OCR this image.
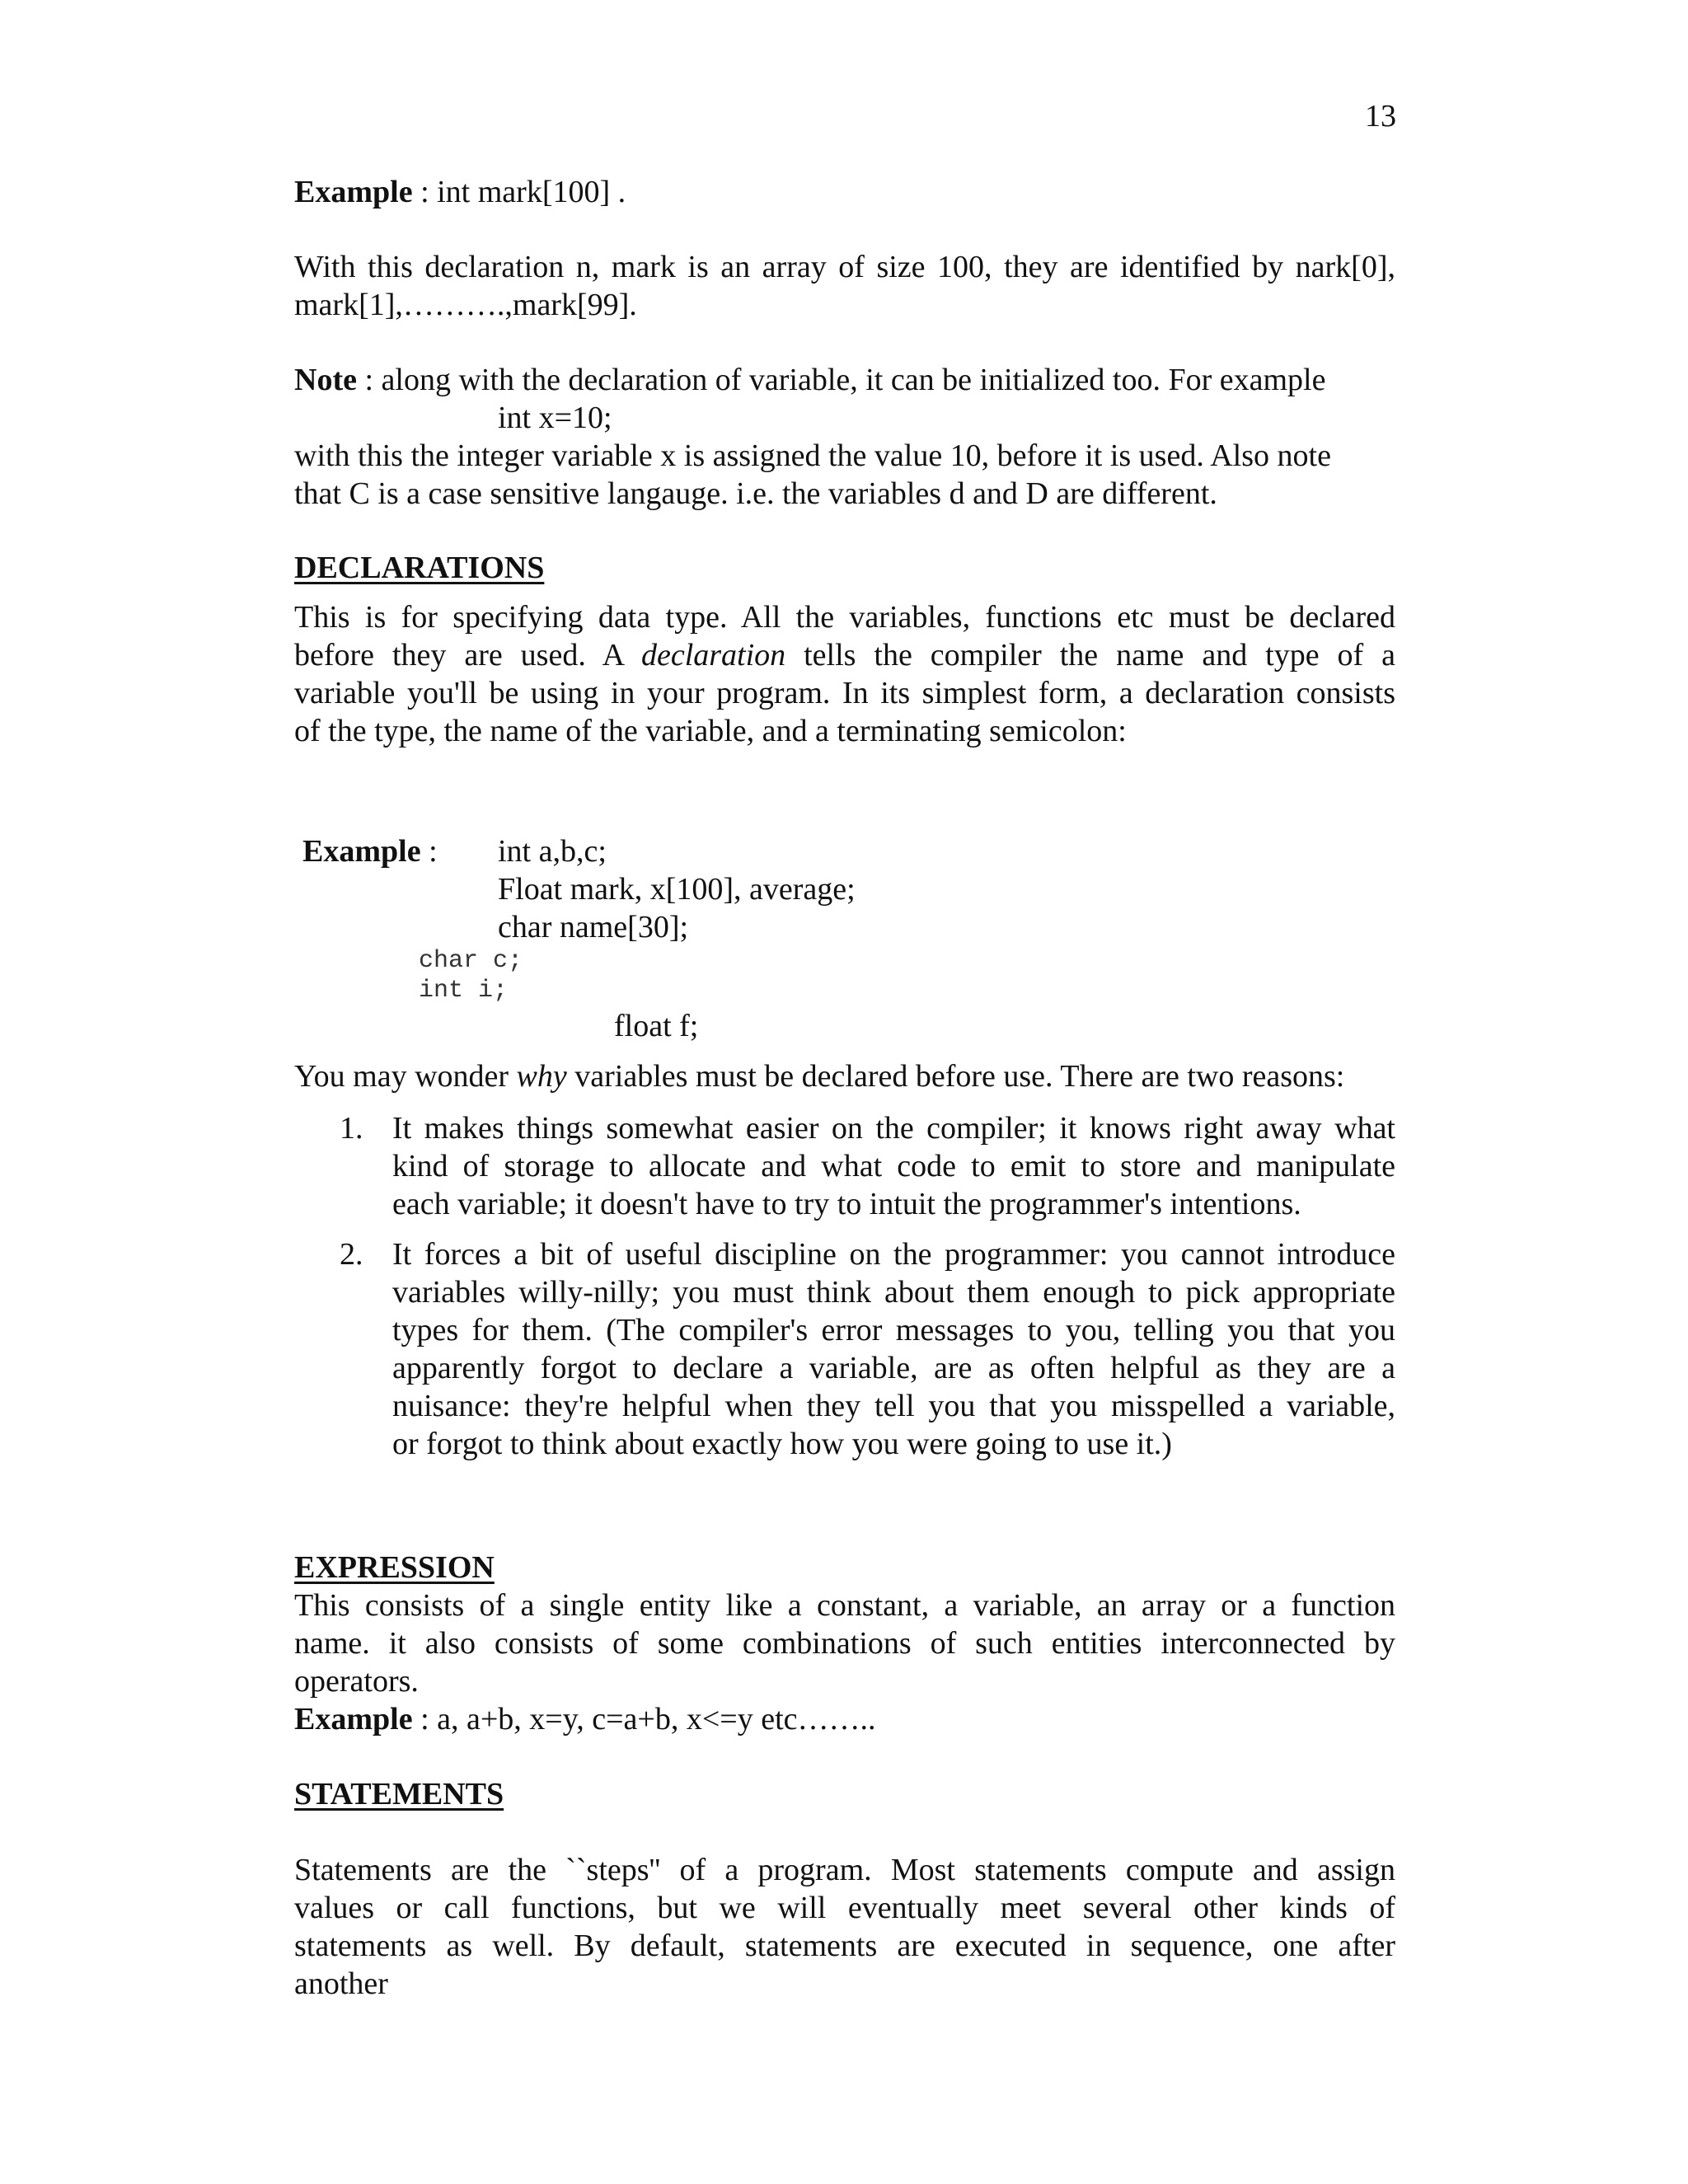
13
Example : int mark[100] .
With this declaration n, mark is an array of size 100, they are identified by nark[0],
mark[1],……….,mark[99].
Note : along with the declaration of variable, it can be initialized too. For example
int x=10;
with this the integer variable x is assigned the value 10, before it is used. Also note
that C is a case sensitive langauge. i.e. the variables d and D are different.
DECLARATIONS
This is for specifying data type. All the variables, functions etc must be declared
before they are used. A declaration tells the compiler the name and type of a
variable you'll be using in your program. In its simplest form, a declaration consists
of the type, the name of the variable, and a terminating semicolon:
Example : int a,b,c;
Float mark, x[100], average;
char name[30];
char c;
int i;
float f;
You may wonder why variables must be declared before use. There are two reasons:
1. It makes things somewhat easier on the compiler; it knows right away what
kind of storage to allocate and what code to emit to store and manipulate
each variable; it doesn't have to try to intuit the programmer's intentions.
2. It forces a bit of useful discipline on the programmer: you cannot introduce
variables willy-nilly; you must think about them enough to pick appropriate
types for them. (The compiler's error messages to you, telling you that you
apparently forgot to declare a variable, are as often helpful as they are a
nuisance: they're helpful when they tell you that you misspelled a variable,
or forgot to think about exactly how you were going to use it.)
EXPRESSION
This consists of a single entity like a constant, a variable, an array or a function
name. it also consists of some combinations of such entities interconnected by
operators.
Example : a, a+b, x=y, c=a+b, x<=y etc……..
STATEMENTS
Statements are the ``steps'' of a program. Most statements compute and assign
values or call functions, but we will eventually meet several other kinds of
statements as well. By default, statements are executed in sequence, one after
another
